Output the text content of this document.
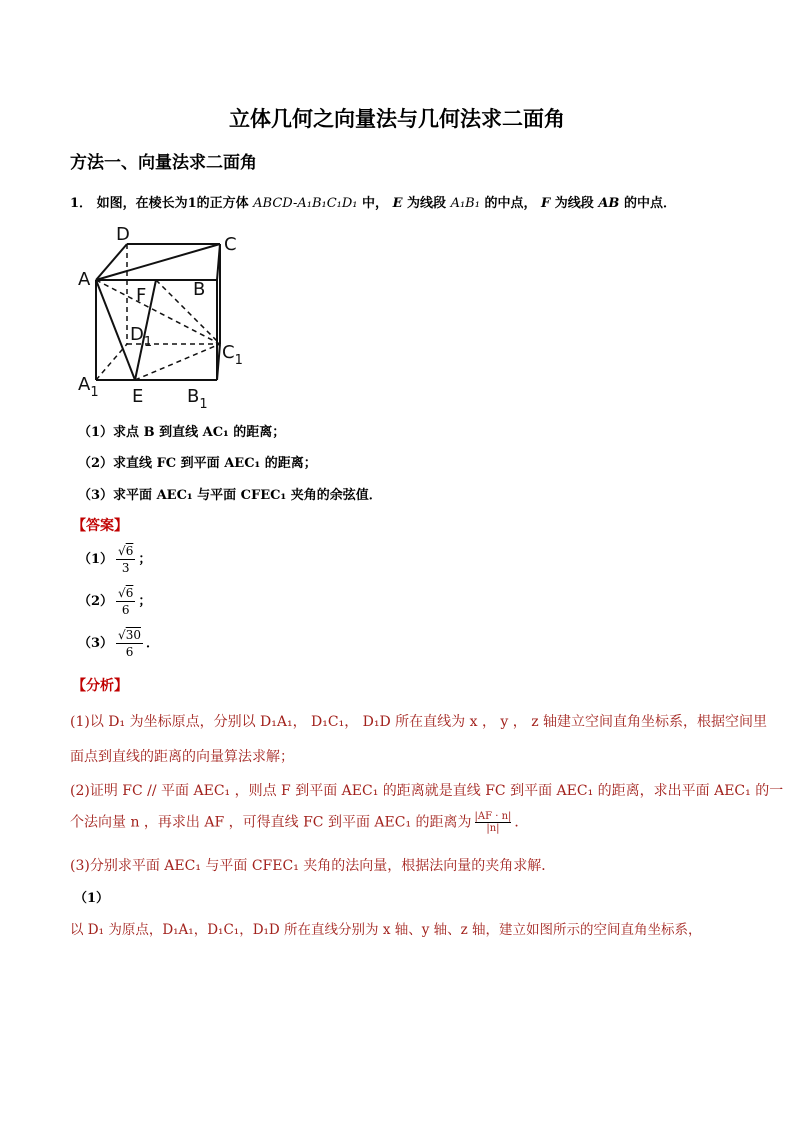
立体几何之向量法与几何法求二面角
方法一、向量法求二面角
1． 如图，在棱长为1的正方体 ABCD-A₁B₁C₁D₁ 中， E 为线段 A₁B₁ 的中点， F 为线段 AB 的中点．
D	C
A
F	B
$D_1$	$C_1$
$A_1$ E $B_1$
（1）求点 B 到直线 AC₁ 的距离；
（2）求直线 FC 到平面 AEC₁ 的距离；
（3）求平面 AEC₁ 与平面 CFEC₁ 夹角的余弦值．
【答案】
（1） √ $\frac{6}{3}$ ；
（2） √ $\frac{6}{6}$ ；
（3） √ $\frac{30}{6}$ ．
【分析】
(1)以 D₁ 为坐标原点，分别以 D₁A₁， D₁C₁， D₁D 所在直线为 x ， y ， z 轴建立空间直角坐标系，根据空间里
面点到直线的距离的向量算法求解；
(2)证明 FC // 平面 AEC₁ ，则点 F 到平面 AEC₁ 的距离就是直线 FC 到平面 AEC₁ 的距离，求出平面 AEC₁ 的一
个法向量 n ，再求出 AF ，可得直线 FC 到平面 AEC₁ 的距离为 $\frac{|AF \cdot n|}{|n|}$ ．
(3)分别求平面 AEC₁ 与平面 CFEC₁ 夹角的法向量，根据法向量的夹角求解．
（1）
以 D₁ 为原点，D₁A₁，D₁C₁，D₁D 所在直线分别为 x 轴、y 轴、z 轴，建立如图所示的空间直角坐标系，
